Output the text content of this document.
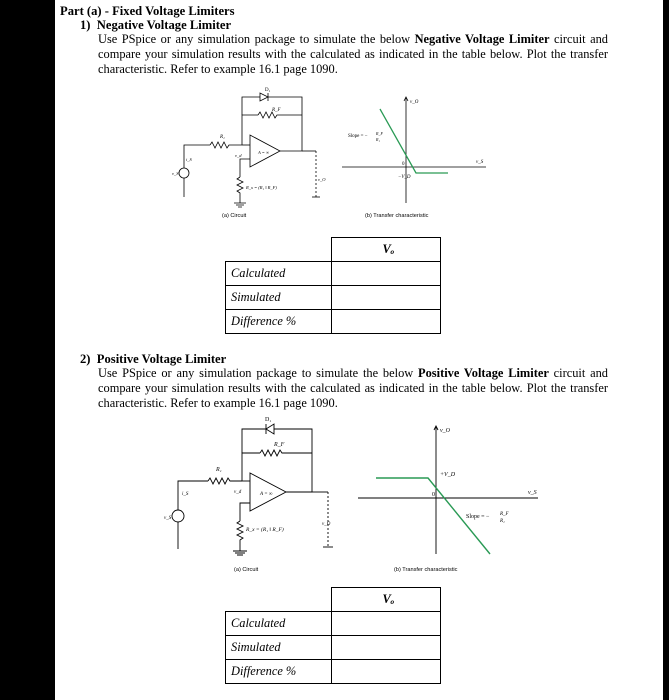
Part (a) - Fixed Voltage Limiters
1) Negative Voltage Limiter
Use PSpice or any simulation package to simulate the below Negative Voltage Limiter circuit and compare your simulation results with the calculated as indicated in the table below. Plot the transfer characteristic. Refer to example 16.1 page 1090.
D₁
R_F
R₁
v_d
A = ∞
R_x = (R₁ ‖ R_F)
v_O
v_S
i_S
(a) Circuit
v_O
v_S
0
−V_D
Slope = −
R_F
R₁
(b) Transfer characteristic
	Vₒ
Calculated	
Simulated	
Difference %	
2) Positive Voltage Limiter
Use PSpice or any simulation package to simulate the below Positive Voltage Limiter circuit and compare your simulation results with the calculated as indicated in the table below. Plot the transfer characteristic. Refer to example 16.1 page 1090.
D₁
R_F
R₁
v_d	A = ∞
R_x = (R₁ ‖ R_F)
v_O
v_S
i_S
(a) Circuit
v_O
v_S
0
+V_D
Slope = − R_F
R₁
(b) Transfer characteristic
	Vₒ
Calculated	
Simulated	
Difference %	
